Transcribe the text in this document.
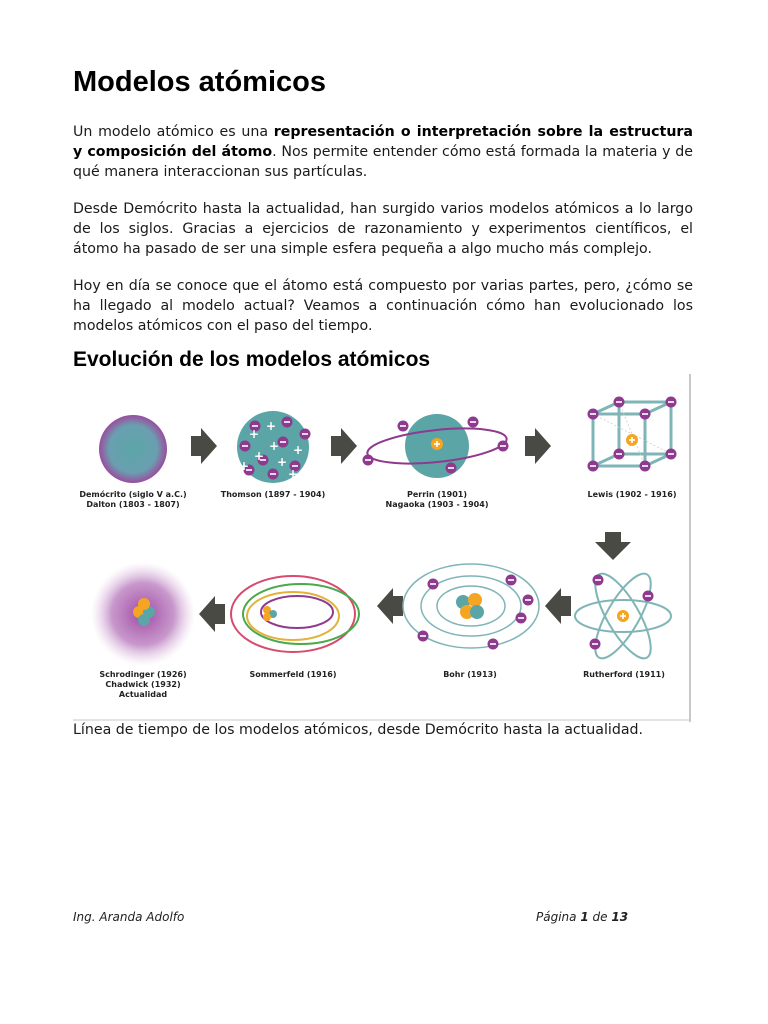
Modelos atómicos

Un modelo atómico es una representación o interpretación sobre la estructura y composición del átomo. Nos permite entender cómo está formada la materia y de qué manera interaccionan sus partículas.

Desde Demócrito hasta la actualidad, han surgido varios modelos atómicos a lo largo de los siglos. Gracias a ejercicios de razonamiento y experimentos científicos, el átomo ha pasado de ser una simple esfera pequeña a algo mucho más complejo.

Hoy en día se conoce que el átomo está compuesto por varias partes, pero, ¿cómo se ha llegado al modelo actual? Veamos a continuación cómo han evolucionado los modelos atómicos con el paso del tiempo.

Evolución de los modelos atómicos
+
+
+ +
+ +
+
+
Demócrito (siglo V a.C.)
Dalton (1803 - 1807)
Thomson (1897 - 1904)	Perrin (1901)
Nagaoka (1903 - 1904)
Lewis (1902 - 1916)
Schrodinger (1926)
Chadwick (1932)
Actualidad
Sommerfeld (1916)	Bohr (1913)	Rutherford (1911)

Línea de tiempo de los modelos atómicos, desde Demócrito hasta la actualidad.

Ing. Aranda Adolfo	Página 1 de 13
